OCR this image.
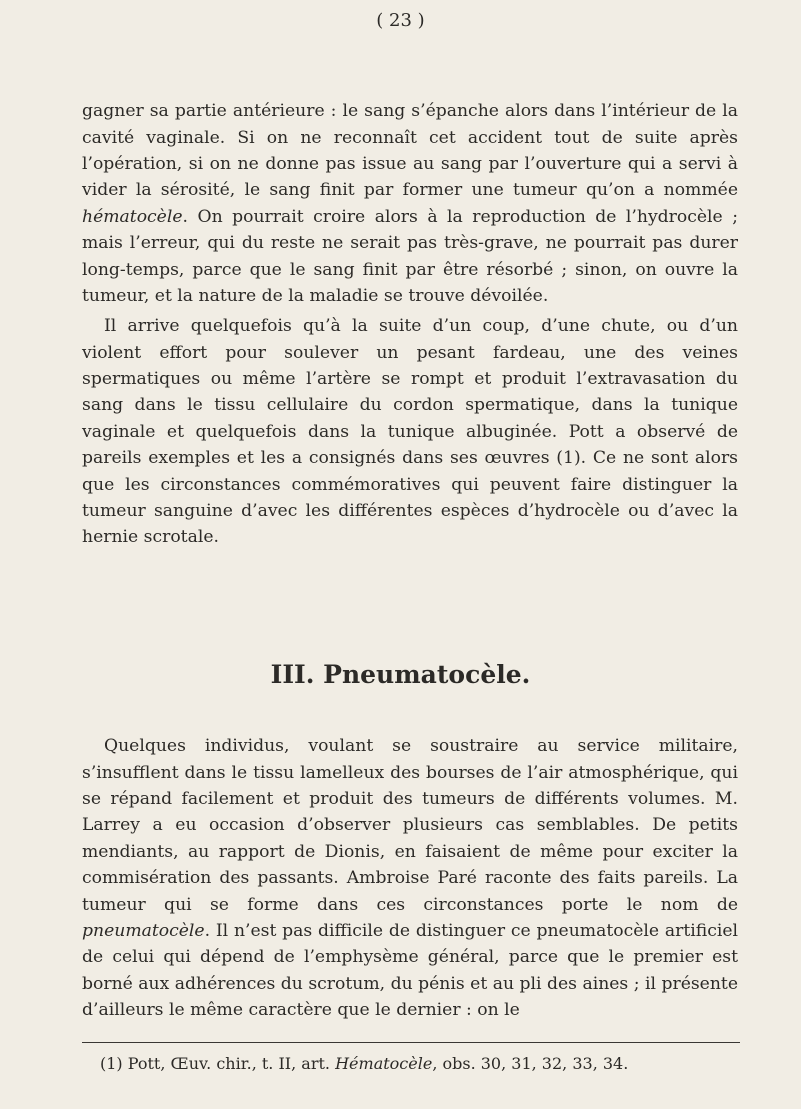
( 23 )

gagner sa partie antérieure : le sang s’épanche alors dans l’intérieur de la cavité vaginale. Si on ne reconnaît cet accident tout de suite après l’opération, si on ne donne pas issue au sang par l’ouverture qui a servi à vider la sérosité, le sang finit par former une tumeur qu’on a nommée hématocèle. On pourrait croire alors à la reproduction de l’hydrocèle ; mais l’erreur, qui du reste ne serait pas très-grave, ne pourrait pas durer long-temps, parce que le sang finit par être résorbé ; sinon, on ouvre la tumeur, et la nature de la maladie se trouve dévoilée.

Il arrive quelquefois qu’à la suite d’un coup, d’une chute, ou d’un violent effort pour soulever un pesant fardeau, une des veines spermatiques ou même l’artère se rompt et produit l’extravasation du sang dans le tissu cellulaire du cordon spermatique, dans la tunique vaginale et quelquefois dans la tunique albuginée. Pott a observé de pareils exemples et les a consignés dans ses œuvres (1). Ce ne sont alors que les circonstances commémoratives qui peuvent faire distinguer la tumeur sanguine d’avec les différentes espèces d’hydrocèle ou d’avec la hernie scrotale.

III. Pneumatocèle.

Quelques individus, voulant se soustraire au service militaire, s’insufflent dans le tissu lamelleux des bourses de l’air atmosphérique, qui se répand facilement et produit des tumeurs de différents volumes. M. Larrey a eu occasion d’observer plusieurs cas semblables. De petits mendiants, au rapport de Dionis, en faisaient de même pour exciter la commisération des passants. Ambroise Paré raconte des faits pareils. La tumeur qui se forme dans ces circonstances porte le nom de pneumatocèle. Il n’est pas difficile de distinguer ce pneumatocèle artificiel de celui qui dépend de l’emphysème général, parce que le premier est borné aux adhérences du scrotum, du pénis et au pli des aines ; il présente d’ailleurs le même caractère que le dernier : on le

(1) Pott, Œuv. chir., t. II, art. Hématocèle, obs. 30, 31, 32, 33, 34.
